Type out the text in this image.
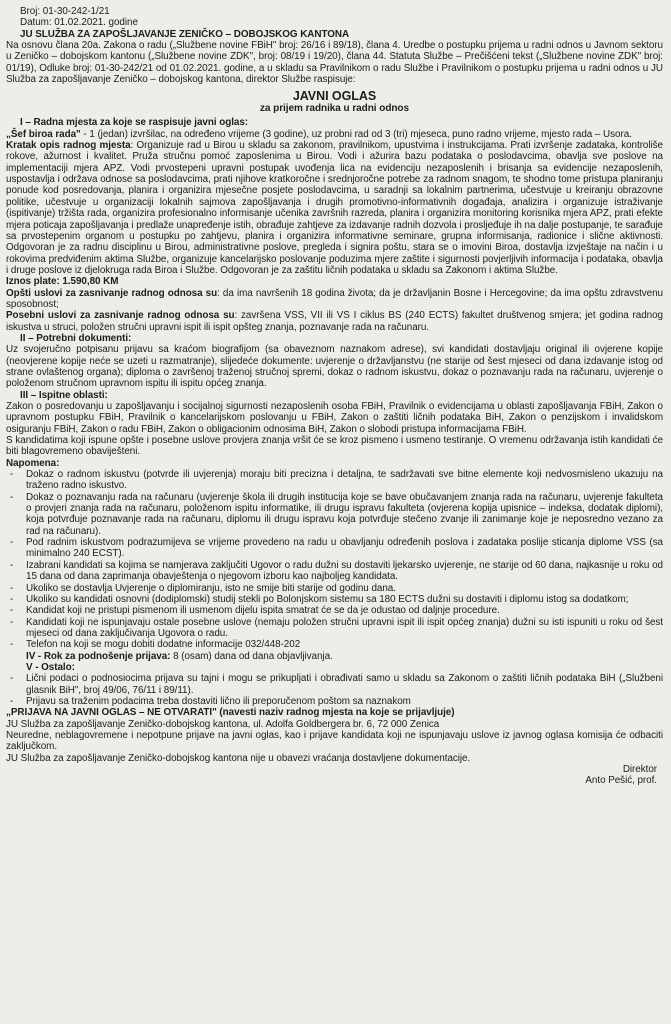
Broj: 01-30-242-1/21
Datum: 01.02.2021. godine
JU SLUŽBA ZA ZAPOŠLJAVANJE ZENIČKO – DOBOJSKOG KANTONA

Na osnovu člana 20a. Zakona o radu („Službene novine FBiH" broj: 26/16 i 89/18), člana 4. Uredbe o postupku prijema u radni odnos u Javnom sektoru u Zeničko – dobojskom kantonu („Službene novine ZDK", broj: 08/19 i 19/20), člana 44. Statuta Službe – Prečišćeni tekst („Službene novine ZDK" broj: 01/19), Odluke broj: 01-30-242/21 od 01.02.2021. godine, a u skladu sa Pravilnikom o radu Službe i Pravilnikom o postupku prijema u radni odnos u JU Služba za zapošljavanje Zeničko – dobojskog kantona, direktor Službe raspisuje:

JAVNI OGLAS
za prijem radnika u radni odnos
I – Radna mjesta za koje se raspisuje javni oglas:

„Šef biroa rada" - 1 (jedan) izvršilac, na određeno vrijeme (3 godine), uz probni rad od 3 (tri) mjeseca, puno radno vrijeme, mjesto rada – Usora.

Kratak opis radnog mjesta: Organizuje rad u Birou u skladu sa zakonom, pravilnikom, upustvima i instrukcijama. Prati izvršenje zadataka, kontroliše rokove, ažurnost i kvalitet. Pruža stručnu pomoć zaposlenima u Birou. Vodi i ažurira bazu podataka o poslodavcima, obavlja sve poslove na implementaciji mjera APZ. Vodi prvostepeni upravni postupak uvođenja lica na evidenciju nezaposlenih i brisanja sa evidencije nezaposlenih, uspostavlja i održava odnose sa poslodavcima, prati njihove kratkoročne i srednjoročne potrebe za radnom snagom, te shodno tome pristupa planiranju ponude kod posredovanja, planira i organizira mjesečne posjete poslodavcima, u saradnji sa lokalnim partnerima, učestvuje u kreiranju obrazovne politike, učestvuje u organizaciji lokalnih sajmova zapošljavanja i drugih promotivno-informativnih događaja, analizira i organizuje istraživanje (ispitivanje) tržišta rada, organizira profesionalno informisanje učenika završnih razreda, planira i organizira monitoring korisnika mjera APZ, prati efekte mjera poticaja zapošljavanja i predlaže unapređenje istih, obrađuje zahtjeve za izdavanje radnih dozvola i prosljeđuje ih na dalje postupanje, te sarađuje sa prvostepenim organom u postupku po zahtjevu, planira i organizira informativne seminare, grupna informisanja, radionice i slične aktivnosti. Odgovoran je za radnu disciplinu u Birou, administrativne poslove, pregleda i signira poštu, stara se o imovini Biroa, dostavlja izvještaje na način i u rokovima predviđenim aktima Službe, organizuje kancelarijsko poslovanje poduzima mjere zaštite i sigurnosti povjerljivih informacija i podataka, obavlja i druge poslove iz djelokruga rada Biroa i Službe. Odgovoran je za zaštitu ličnih podataka u skladu sa Zakonom i aktima Službe.

Iznos plate: 1.590,80 KM

Opšti uslovi za zasnivanje radnog odnosa su: da ima navršenih 18 godina života; da je državljanin Bosne i Hercegovine; da ima opštu zdravstvenu sposobnost;

Posebni uslovi za zasnivanje radnog odnosa su: završena VSS, VII ili VS I ciklus BS (240 ECTS) fakultet društvenog smjera; jet godina radnog iskustva u struci, položen stručni upravni ispit ili ispit opšteg znanja, poznavanje rada na računaru.

II – Potrebni dokumenti:

Uz svojeručno potpisanu prijavu sa kraćom biografijom (sa obaveznom naznakom adrese), svi kandidati dostavljaju original ili ovjerene kopije (neovjerene kopije neće se uzeti u razmatranje), slijedeće dokumente: uvjerenje o državljanstvu (ne starije od šest mjeseci od dana izdavanje istog od strane ovlaštenog organa); diploma o završenoj traženoj stručnoj spremi, dokaz o radnom iskustvu, dokaz o poznavanju rada na računaru, uvjerenje o položenom stručnom upravnom ispitu ili ispitu općeg znanja.

III – Ispitne oblasti:

Zakon o posredovanju u zapošljavanju i socijalnoj sigurnosti nezaposlenih osoba FBiH, Pravilnik o evidencijama u oblasti zapošljavanja FBiH, Zakon o upravnom postupku FBiH, Pravilnik o kancelarijskom poslovanju u FBiH, Zakon o zaštiti ličnih podataka BiH, Zakon o penzijskom i invalidskom osiguranju FBiH, Zakon o radu FBiH, Zakon o obligacionim odnosima BiH, Zakon o slobodi pristupa informacijama FBiH.

S kandidatima koji ispune opšte i posebne uslove provjera znanja vršit će se kroz pismeno i usmeno testiranje. O vremenu održavanja istih kandidati će biti blagovremeno obaviješteni.

Napomena:
-	Dokaz o radnom iskustvu (potvrde ili uvjerenja) moraju biti precizna i detaljna, te sadržavati sve bitne elemente koji nedvosmisleno ukazuju na traženo radno iskustvo.
-	Dokaz o poznavanju rada na računaru (uvjerenje škola ili drugih institucija koje se bave obučavanjem znanja rada na računaru, uvjerenje fakulteta o provjeri znanja rada na računaru, položenom ispitu informatike, ili drugu ispravu fakulteta (ovjerena kopija upisnice – indeksa, dodatak diplomi), koja potvrđuje poznavanje rada na računaru, diplomu ili drugu ispravu koja potvrđuje stečeno zvanje ili zanimanje koje je neposredno vezano za rad na računaru).
-	Pod radnim iskustvom podrazumijeva se vrijeme provedeno na radu u obavljanju određenih poslova i zadataka poslije sticanja diplome VSS (sa minimalno 240 ECST).
-	Izabrani kandidati sa kojima se namjerava zaključiti Ugovor o radu dužni su dostaviti ljekarsko uvjerenje, ne starije od 60 dana, najkasnije u roku od 15 dana od dana zaprimanja obavještenja o njegovom izboru kao najboljeg kandidata.
-	Ukoliko se dostavlja Uvjerenje o diplomiranju, isto ne smije biti starije od godinu dana.
-	Ukoliko su kandidati osnovni (dodiplomski) studij stekli po Bolonjskom sistemu sa 180 ECTS dužni su dostaviti i diplomu istog sa dodatkom;
-	Kandidat koji ne pristupi pismenom ili usmenom dijelu ispita smatrat će se da je odustao od daljnje procedure.
-	Kandidati koji ne ispunjavaju ostale posebne uslove (nemaju položen stručni upravni ispit ili ispit općeg znanja) dužni su isti ispuniti u roku od šest mjeseci od dana zaključivanja Ugovora o radu.
-	Telefon na koji se mogu dobiti dodatne informacije 032/448-202

IV - Rok za podnošenje prijava: 8 (osam) dana od dana objavljivanja.

V - Ostalo:
-	Lični podaci o podnosiocima prijava su tajni i mogu se prikupljati i obrađivati samo u skladu sa Zakonom o zaštiti ličnih podataka BiH („Službeni glasnik BiH", broj 49/06, 76/11 i 89/11).
-	Prijavu sa traženim podacima treba dostaviti lično ili preporučenom poštom sa naznakom
„PRIJAVA NA JAVNI OGLAS – NE OTVARATI" (navesti naziv radnog mjesta na koje se prijavljuje)

JU Služba za zapošljavanje Zeničko-dobojskog kantona, ul. Adolfa Goldbergera br. 6, 72 000 Zenica

Neuredne, neblagovremene i nepotpune prijave na javni oglas, kao i prijave kandidata koji ne ispunjavaju uslove iz javnog oglasa komisija će odbaciti zaključkom.

JU Služba za zapošljavanje Zeničko-dobojskog kantona nije u obavezi vraćanja dostavljene dokumentacije.

Direktor
Anto Pešić, prof.
